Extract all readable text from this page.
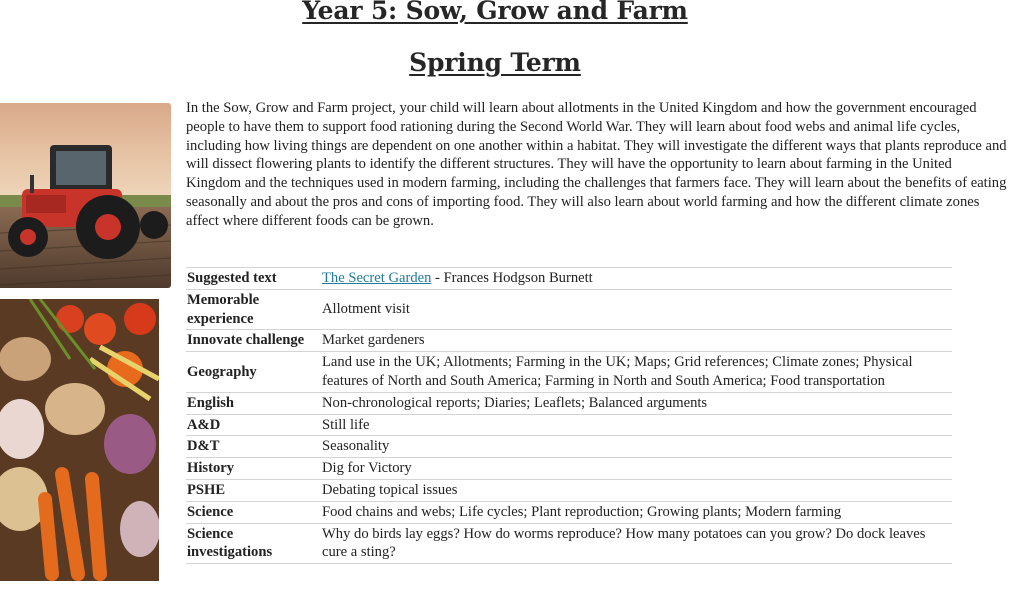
Year 5: Sow, Grow and Farm
Spring Term

In the Sow, Grow and Farm project, your child will learn about allotments in the United Kingdom and how the government encouraged people to have them to support food rationing during the Second World War. They will learn about food webs and animal life cycles, including how living things are dependent on one another within a habitat. They will investigate the different ways that plants reproduce and will dissect flowering plants to identify the different structures. They will have the opportunity to learn about farming in the United Kingdom and the techniques used in modern farming, including the challenges that farmers face. They will learn about the benefits of eating seasonally and about the pros and cons of importing food. They will also learn about world farming and how the different climate zones affect where different foods can be grown.

Suggested text	The Secret Garden - Frances Hodgson Burnett
Memorable experience	Allotment visit
Innovate challenge	Market gardeners
Geography	Land use in the UK; Allotments; Farming in the UK; Maps; Grid references; Climate zones; Physical features of North and South America; Farming in North and South America; Food transportation
English	Non-chronological reports; Diaries; Leaflets; Balanced arguments
A&D	Still life
D&T	Seasonality
History	Dig for Victory
PSHE	Debating topical issues
Science	Food chains and webs; Life cycles; Plant reproduction; Growing plants; Modern farming
Science investigations	Why do birds lay eggs? How do worms reproduce? How many potatoes can you grow? Do dock leaves cure a sting?
